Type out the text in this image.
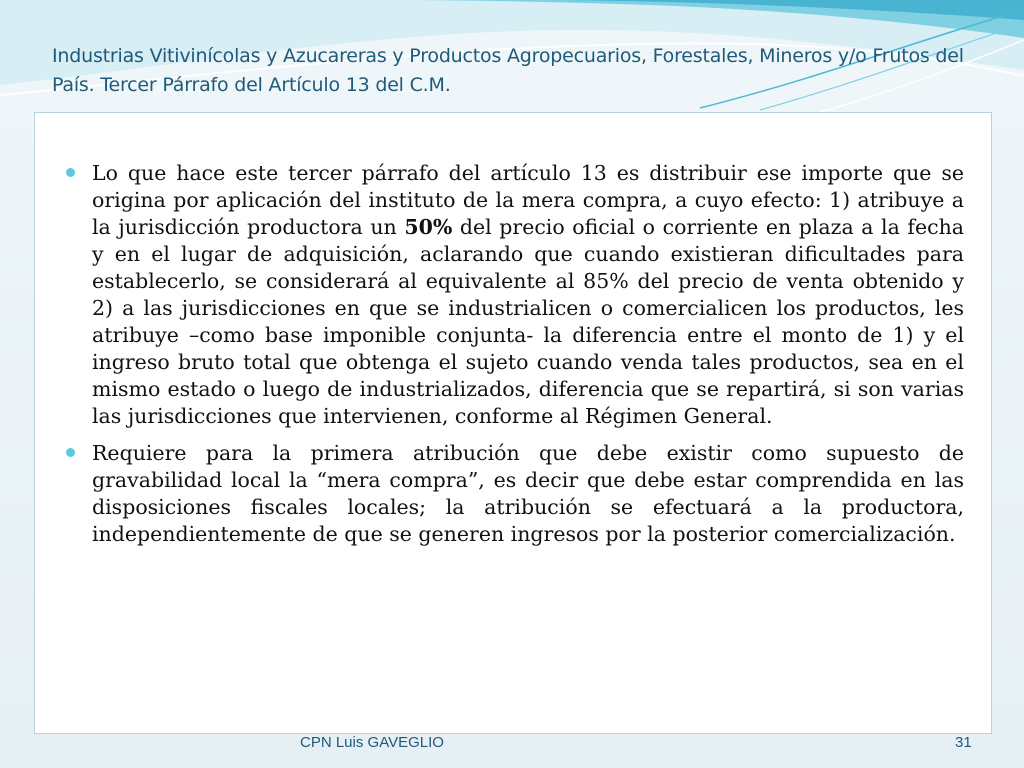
Industrias Vitivinícolas y Azucareras y Productos Agropecuarios, Forestales, Mineros y/o Frutos del País. Tercer Párrafo del Artículo 13 del C.M.
Lo que hace este tercer párrafo del artículo 13 es distribuir ese importe que se origina por aplicación del instituto de la mera compra, a cuyo efecto: 1) atribuye a la jurisdicción productora un 50% del precio oficial o corriente en plaza a la fecha y en el lugar de adquisición, aclarando que cuando existieran dificultades para establecerlo, se considerará al equivalente al 85% del precio de venta obtenido y 2) a las jurisdicciones en que se industrialicen o comercialicen los productos, les atribuye –como base imponible conjunta- la diferencia entre el monto de 1) y el ingreso bruto total que obtenga el sujeto cuando venda tales productos, sea en el mismo estado o luego de industrializados, diferencia que se repartirá, si son varias las jurisdicciones que intervienen, conforme al Régimen General.
Requiere para la primera atribución que debe existir como supuesto de gravabilidad local la “mera compra”, es decir que debe estar comprendida en las disposiciones fiscales locales; la atribución se efectuará a la productora, independientemente de que se generen ingresos por la posterior comercialización.
CPN Luis GAVEGLIO	31
